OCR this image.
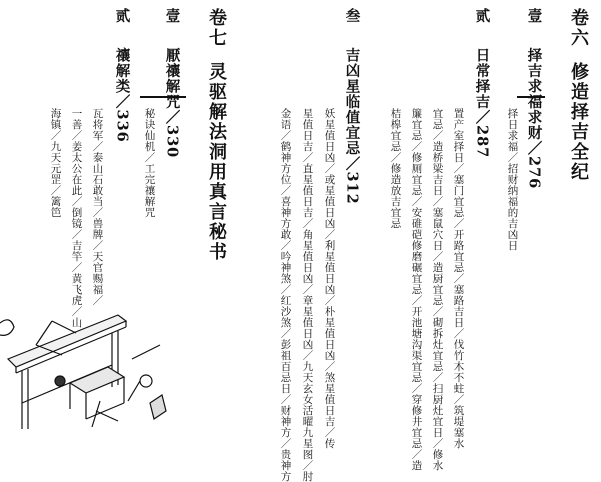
卷六修造择吉全纪
壹择吉求福求财／276
择日求福／招财纳福的吉凶日
贰日常择吉／287
置产室择日／塞门宜忌／开路宜忌／塞路吉日／伐竹木不蛀／筑堤塞水
宜忌／造桥梁吉日／塞鼠穴日／造厨宜忌／砌拆灶宜忌／扫厨灶宜日／修水
簾宜忌／修厕宜忌／安碓硙修磨碾宜忌／开池塘沟渠宜忌／穿修井宜忌／造
桔槔宜忌／修造放吉宜忌
叁吉凶星临值宜忌／312
妖星值日凶／或星值日凶／利星值日凶／朴星值日凶／煞星值日吉／传
星值日吉／直星值日吉／角星值日凶／章星值日凶／九天玄女活曜九星图／肘
金语／鹤神方位／喜神方敢／吟神煞／红沙煞／彭祖百忌日／财神方／贵神方
卷七灵驱解法洞用真言秘书
壹厭禳解咒／330
秘诀仙机／工完禳解咒
贰禳解类／336
瓦将军／泰山石敢当／兽牌／天官赐福／
一善／姜太公在此／倒镜／吉竿／黄飞虎／山
海镇／九天元罡／篱笆
